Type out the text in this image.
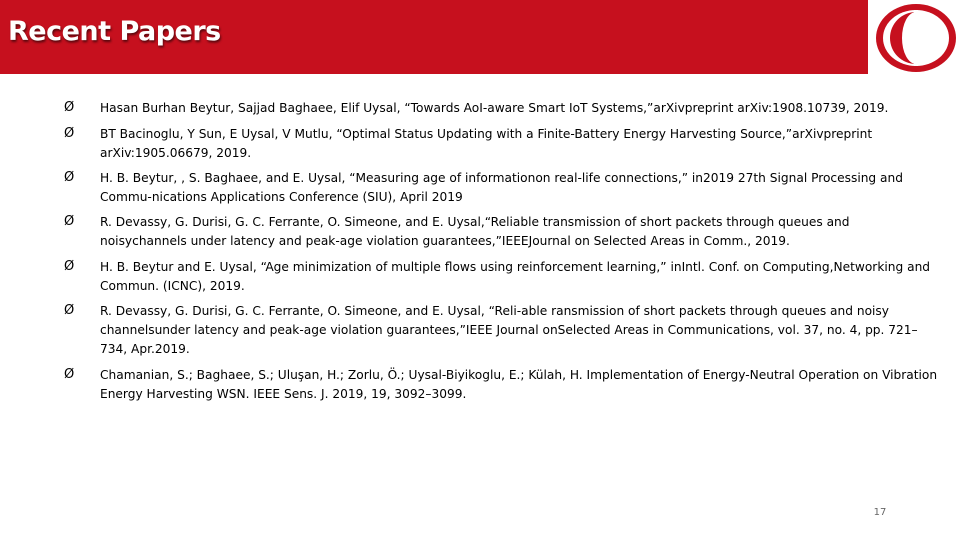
Recent Papers
Ø Hasan Burhan Beytur, Sajjad Baghaee, Elif Uysal, “Towards AoI-aware Smart IoT Systems,”arXivpreprint arXiv:1908.10739, 2019.
Ø BT Bacinoglu, Y Sun, E Uysal, V Mutlu, “Optimal Status Updating with a Finite-Battery Energy Harvesting Source,”arXivpreprint arXiv:1905.06679, 2019.
Ø H. B. Beytur, , S. Baghaee, and E. Uysal, “Measuring age of informationon real-life connections,” in2019 27th Signal Processing and Commu-nications Applications Conference (SIU), April 2019
Ø R. Devassy, G. Durisi, G. C. Ferrante, O. Simeone, and E. Uysal,“Reliable transmission of short packets through queues and noisychannels under latency and peak-age violation guarantees,”IEEEJournal on Selected Areas in Comm., 2019.
Ø H. B. Beytur and E. Uysal, “Age minimization of multiple flows using reinforcement learning,” inIntl. Conf. on Computing,Networking and Commun. (ICNC), 2019.
Ø R. Devassy, G. Durisi, G. C. Ferrante, O. Simeone, and E. Uysal, “Reli-able ransmission of short packets through queues and noisy channelsunder latency and peak-age violation guarantees,”IEEE Journal onSelected Areas in Communications, vol. 37, no. 4, pp. 721–734, Apr.2019.
Ø Chamanian, S.; Baghaee, S.; Uluşan, H.; Zorlu, Ö.; Uysal-Biyikoglu, E.; Külah, H. Implementation of Energy-Neutral Operation on Vibration Energy Harvesting WSN. IEEE Sens. J. 2019, 19, 3092–3099.
17
